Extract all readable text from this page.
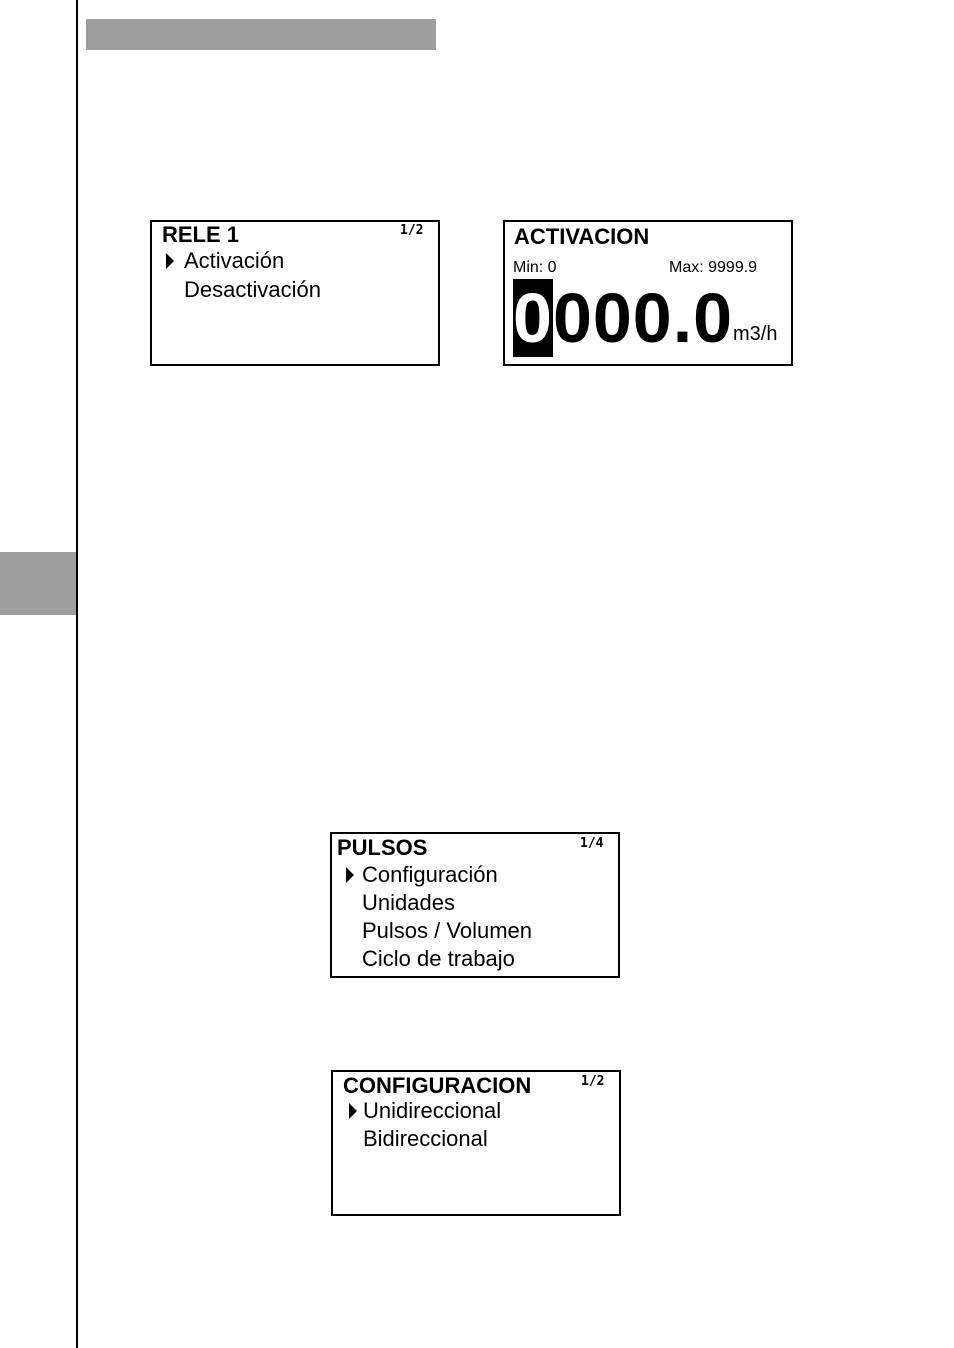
RELE 1	1/2
Activación
Desactivación
ACTIVACION
Min: 0	Max: 9999.9
0000.0 m3/h
PULSOS	1/4
Configuración
Unidades
Pulsos / Volumen
Ciclo de trabajo
CONFIGURACION	1/2
Unidireccional
Bidireccional
